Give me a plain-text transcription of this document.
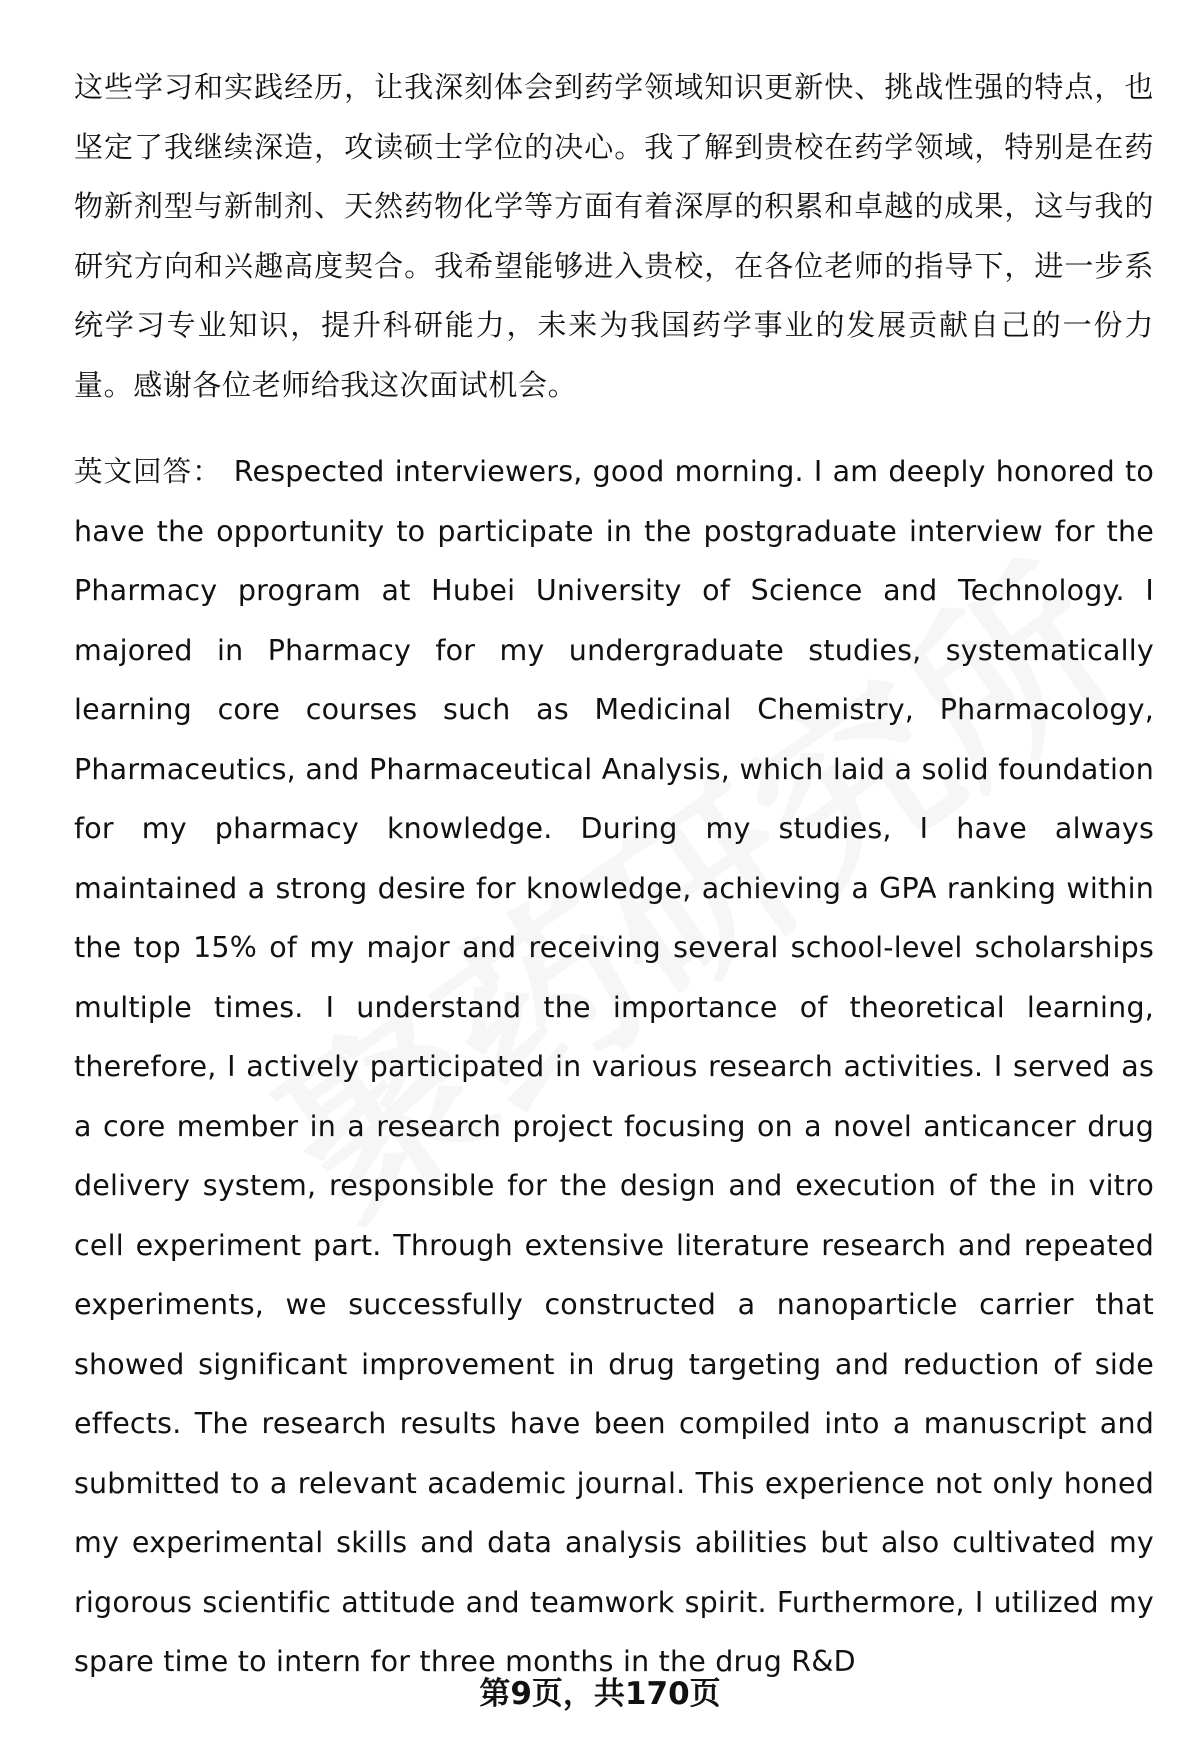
这些学习和实践经历，让我深刻体会到药学领域知识更新快、挑战性强的特点，也坚定了我继续深造，攻读硕士学位的决心。我了解到贵校在药学领域，特别是在药物新剂型与新制剂、天然药物化学等方面有着深厚的积累和卓越的成果，这与我的研究方向和兴趣高度契合。我希望能够进入贵校，在各位老师的指导下，进一步系统学习专业知识，提升科研能力，未来为我国药学事业的发展贡献自己的一份力量。感谢各位老师给我这次面试机会。

英文回答： Respected interviewers, good morning. I am deeply honored to have the opportunity to participate in the postgraduate interview for the Pharmacy program at Hubei University of Science and Technology. I majored in Pharmacy for my undergraduate studies, systematically learning core courses such as Medicinal Chemistry, Pharmacology, Pharmaceutics, and Pharmaceutical Analysis, which laid a solid foundation for my pharmacy knowledge. During my studies, I have always maintained a strong desire for knowledge, achieving a GPA ranking within the top 15% of my major and receiving several school-level scholarships multiple times. I understand the importance of theoretical learning, therefore, I actively participated in various research activities. I served as a core member in a research project focusing on a novel anticancer drug delivery system, responsible for the design and execution of the in vitro cell experiment part. Through extensive literature research and repeated experiments, we successfully constructed a nanoparticle carrier that showed significant improvement in drug targeting and reduction of side effects. The research results have been compiled into a manuscript and submitted to a relevant academic journal. This experience not only honed my experimental skills and data analysis abilities but also cultivated my rigorous scientific attitude and teamwork spirit. Furthermore, I utilized my spare time to intern for three months in the drug R&D

第9页，共170页
